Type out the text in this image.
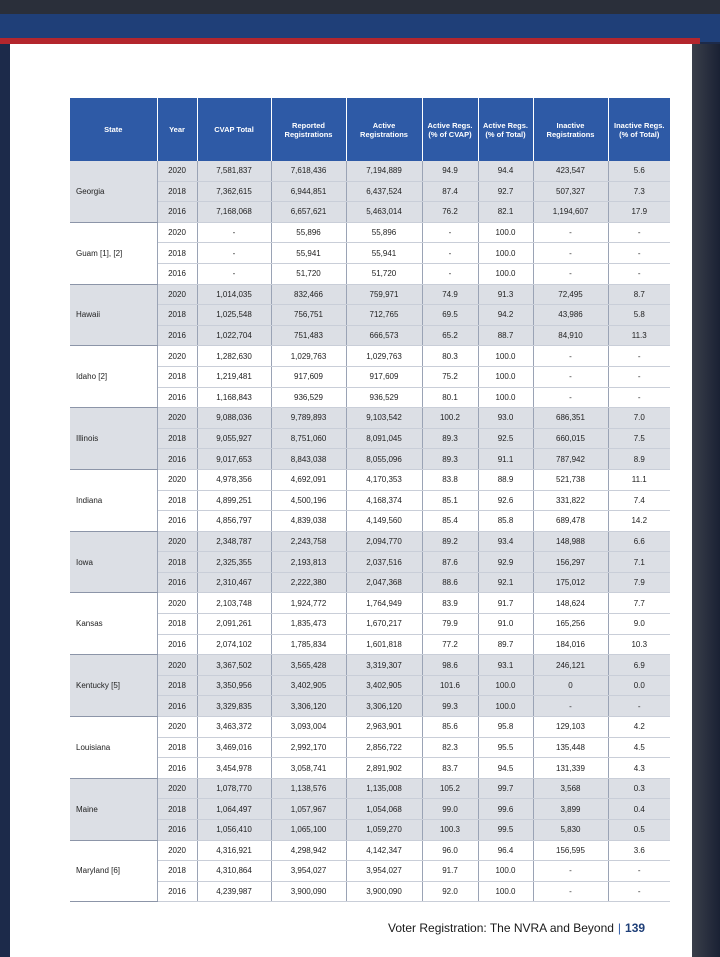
State	Year	CVAP Total	Reported Registrations	Active Registrations	Active Regs. (% of CVAP)	Active Regs. (% of Total)	Inactive Registrations	Inactive Regs. (% of Total)
Georgia	2020	7,581,837	7,618,436	7,194,889	94.9	94.4	423,547	5.6
	2018	7,362,615	6,944,851	6,437,524	87.4	92.7	507,327	7.3
	2016	7,168,068	6,657,621	5,463,014	76.2	82.1	1,194,607	17.9
Guam [1], [2]	2020	-	55,896	55,896	-	100.0	-	-
	2018	-	55,941	55,941	-	100.0	-	-
	2016	-	51,720	51,720	-	100.0	-	-
Hawaii	2020	1,014,035	832,466	759,971	74.9	91.3	72,495	8.7
	2018	1,025,548	756,751	712,765	69.5	94.2	43,986	5.8
	2016	1,022,704	751,483	666,573	65.2	88.7	84,910	11.3
Idaho [2]	2020	1,282,630	1,029,763	1,029,763	80.3	100.0	-	-
	2018	1,219,481	917,609	917,609	75.2	100.0	-	-
	2016	1,168,843	936,529	936,529	80.1	100.0	-	-
Illinois	2020	9,088,036	9,789,893	9,103,542	100.2	93.0	686,351	7.0
	2018	9,055,927	8,751,060	8,091,045	89.3	92.5	660,015	7.5
	2016	9,017,653	8,843,038	8,055,096	89.3	91.1	787,942	8.9
Indiana	2020	4,978,356	4,692,091	4,170,353	83.8	88.9	521,738	11.1
	2018	4,899,251	4,500,196	4,168,374	85.1	92.6	331,822	7.4
	2016	4,856,797	4,839,038	4,149,560	85.4	85.8	689,478	14.2
Iowa	2020	2,348,787	2,243,758	2,094,770	89.2	93.4	148,988	6.6
	2018	2,325,355	2,193,813	2,037,516	87.6	92.9	156,297	7.1
	2016	2,310,467	2,222,380	2,047,368	88.6	92.1	175,012	7.9
Kansas	2020	2,103,748	1,924,772	1,764,949	83.9	91.7	148,624	7.7
	2018	2,091,261	1,835,473	1,670,217	79.9	91.0	165,256	9.0
	2016	2,074,102	1,785,834	1,601,818	77.2	89.7	184,016	10.3
Kentucky [5]	2020	3,367,502	3,565,428	3,319,307	98.6	93.1	246,121	6.9
	2018	3,350,956	3,402,905	3,402,905	101.6	100.0	0	0.0
	2016	3,329,835	3,306,120	3,306,120	99.3	100.0	-	-
Louisiana	2020	3,463,372	3,093,004	2,963,901	85.6	95.8	129,103	4.2
	2018	3,469,016	2,992,170	2,856,722	82.3	95.5	135,448	4.5
	2016	3,454,978	3,058,741	2,891,902	83.7	94.5	131,339	4.3
Maine	2020	1,078,770	1,138,576	1,135,008	105.2	99.7	3,568	0.3
	2018	1,064,497	1,057,967	1,054,068	99.0	99.6	3,899	0.4
	2016	1,056,410	1,065,100	1,059,270	100.3	99.5	5,830	0.5
Maryland [6]	2020	4,316,921	4,298,942	4,142,347	96.0	96.4	156,595	3.6
	2018	4,310,864	3,954,027	3,954,027	91.7	100.0	-	-
	2016	4,239,987	3,900,090	3,900,090	92.0	100.0	-	-
Voter Registration: The NVRA and Beyond | 139
